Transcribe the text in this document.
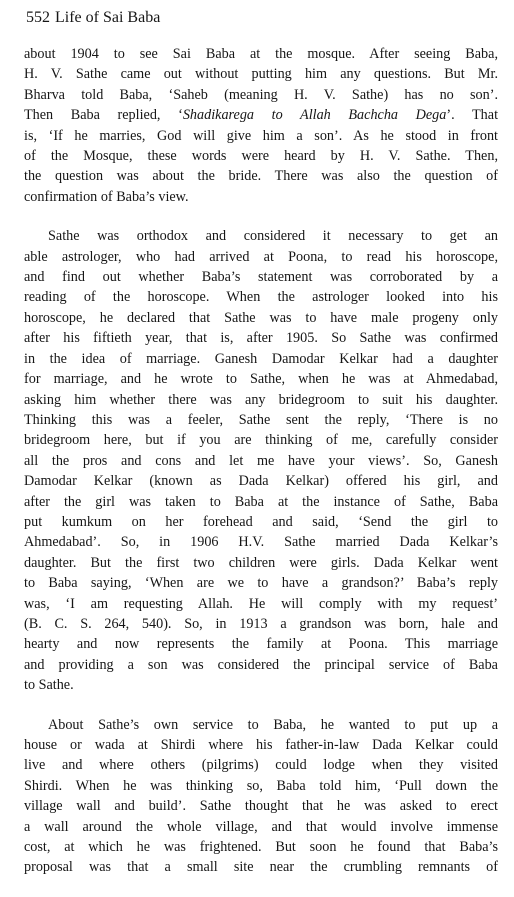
552 Life of Sai Baba
about 1904 to see Sai Baba at the mosque. After seeing Baba,
H. V. Sathe came out without putting him any questions. But Mr.
Bharva told Baba, ‘Saheb (meaning H. V. Sathe) has no son’.
Then Baba replied, ‘Shadikarega to Allah Bachcha Dega’. That
is, ‘If he marries, God will give him a son’. As he stood in front
of the Mosque, these words were heard by H. V. Sathe. Then,
the question was about the bride. There was also the question of
confirmation of Baba’s view.
Sathe was orthodox and considered it necessary to get an
able astrologer, who had arrived at Poona, to read his horoscope,
and find out whether Baba’s statement was corroborated by a
reading of the horoscope. When the astrologer looked into his
horoscope, he declared that Sathe was to have male progeny only
after his fiftieth year, that is, after 1905. So Sathe was confirmed
in the idea of marriage. Ganesh Damodar Kelkar had a daughter
for marriage, and he wrote to Sathe, when he was at Ahmedabad,
asking him whether there was any bridegroom to suit his daughter.
Thinking this was a feeler, Sathe sent the reply, ‘There is no
bridegroom here, but if you are thinking of me, carefully consider
all the pros and cons and let me have your views’. So, Ganesh
Damodar Kelkar (known as Dada Kelkar) offered his girl, and
after the girl was taken to Baba at the instance of Sathe, Baba
put kumkum on her forehead and said, ‘Send the girl to
Ahmedabad’. So, in 1906 H.V. Sathe married Dada Kelkar’s
daughter. But the first two children were girls. Dada Kelkar went
to Baba saying, ‘When are we to have a grandson?’ Baba’s reply
was, ‘I am requesting Allah. He will comply with my request’
(B. C. S. 264, 540). So, in 1913 a grandson was born, hale and
hearty and now represents the family at Poona. This marriage
and providing a son was considered the principal service of Baba
to Sathe.
About Sathe’s own service to Baba, he wanted to put up a
house or wada at Shirdi where his father-in-law Dada Kelkar could
live and where others (pilgrims) could lodge when they visited
Shirdi. When he was thinking so, Baba told him, ‘Pull down the
village wall and build’. Sathe thought that he was asked to erect
a wall around the whole village, and that would involve immense
cost, at which he was frightened. But soon he found that Baba’s
proposal was that a small site near the crumbling remnants of
